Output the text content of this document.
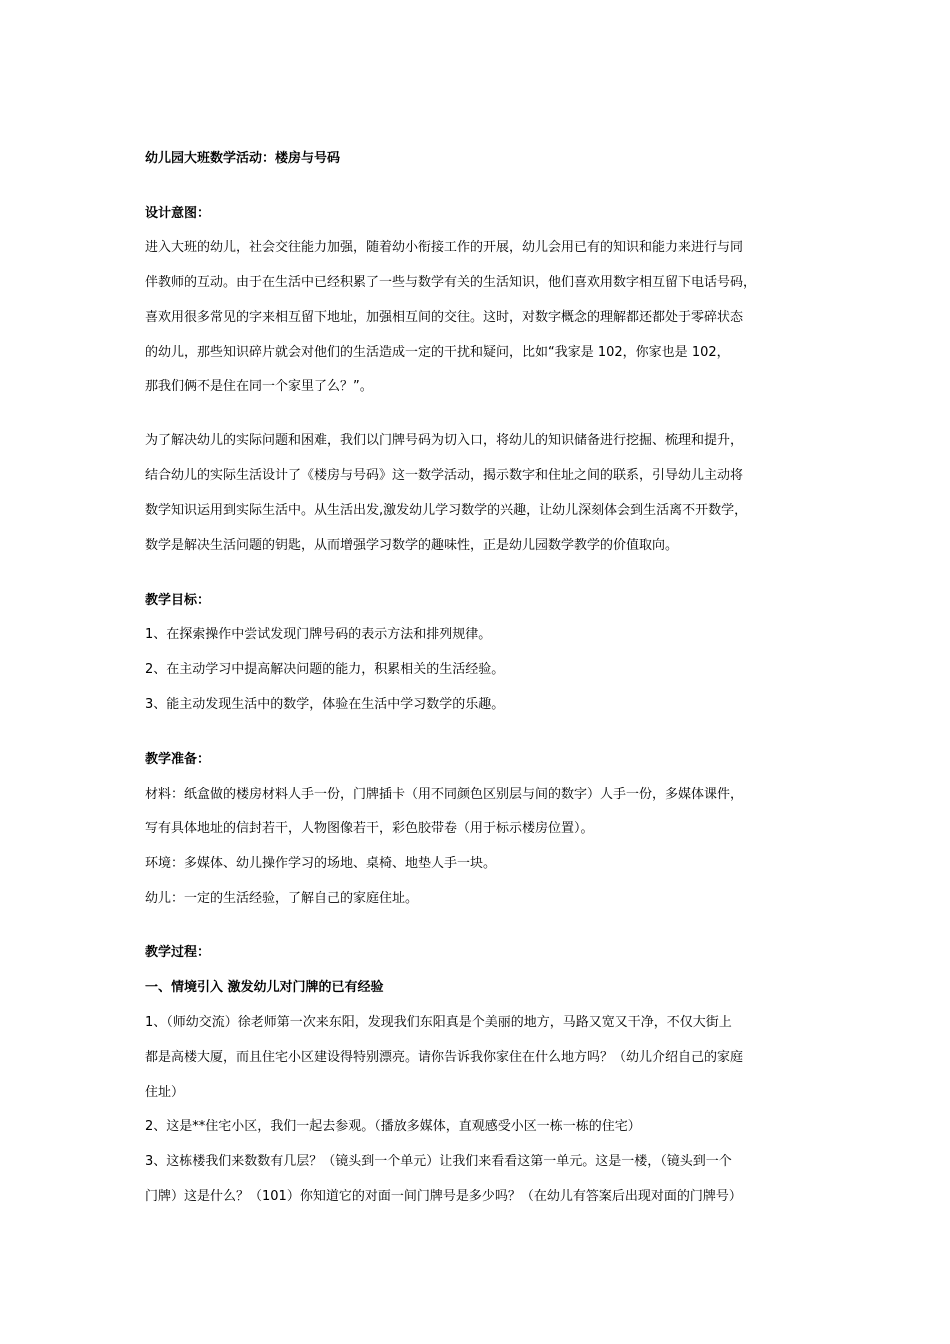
幼儿园大班数学活动：楼房与号码
设计意图：
进入大班的幼儿，社会交往能力加强，随着幼小衔接工作的开展，幼儿会用已有的知识和能力来进行与同
伴教师的互动。由于在生活中已经积累了一些与数学有关的生活知识，他们喜欢用数字相互留下电话号码，
喜欢用很多常见的字来相互留下地址，加强相互间的交往。这时，对数字概念的理解都还都处于零碎状态
的幼儿，那些知识碎片就会对他们的生活造成一定的干扰和疑问，比如“我家是 102，你家也是 102，
那我们俩不是住在同一个家里了么？”。
为了解决幼儿的实际问题和困难，我们以门牌号码为切入口，将幼儿的知识储备进行挖掘、梳理和提升，
结合幼儿的实际生活设计了《楼房与号码》这一数学活动，揭示数字和住址之间的联系，引导幼儿主动将
数学知识运用到实际生活中。从生活出发,激发幼儿学习数学的兴趣，让幼儿深刻体会到生活离不开数学，
数学是解决生活问题的钥匙，从而增强学习数学的趣味性，正是幼儿园数学教学的价值取向。
教学目标：
1、在探索操作中尝试发现门牌号码的表示方法和排列规律。
2、在主动学习中提高解决问题的能力，积累相关的生活经验。
3、能主动发现生活中的数学，体验在生活中学习数学的乐趣。
教学准备：
材料：纸盒做的楼房材料人手一份，门牌插卡（用不同颜色区别层与间的数字）人手一份，多媒体课件，
写有具体地址的信封若干，人物图像若干，彩色胶带卷（用于标示楼房位置）。
环境：多媒体、幼儿操作学习的场地、桌椅、地垫人手一块。
幼儿：一定的生活经验，了解自己的家庭住址。
教学过程：
一、情境引入 激发幼儿对门牌的已有经验
1、（师幼交流）徐老师第一次来东阳，发现我们东阳真是个美丽的地方，马路又宽又干净，不仅大街上
都是高楼大厦，而且住宅小区建设得特别漂亮。请你告诉我你家住在什么地方吗？（幼儿介绍自己的家庭
住址）
2、这是**住宅小区，我们一起去参观。（播放多媒体，直观感受小区一栋一栋的住宅）
3、这栋楼我们来数数有几层？（镜头到一个单元）让我们来看看这第一单元。这是一楼，（镜头到一个
门牌）这是什么？（101）你知道它的对面一间门牌号是多少吗？（在幼儿有答案后出现对面的门牌号）
